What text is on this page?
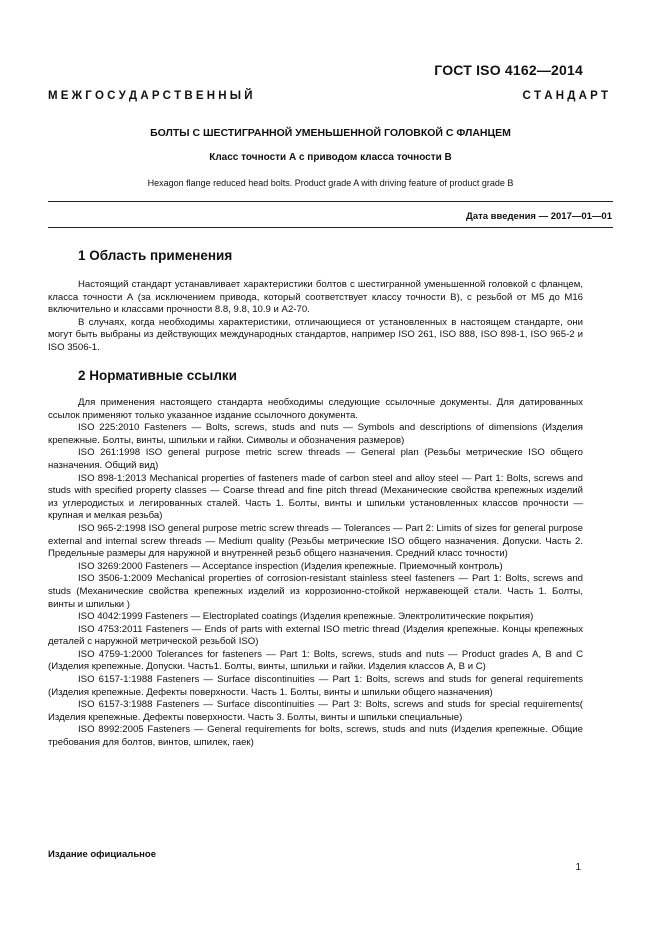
ГОСТ ISO 4162—2014
М Е Ж Г О С У Д А Р С Т В Е Н Н Ы Й	С Т А Н Д А Р Т
БОЛТЫ С ШЕСТИГРАННОЙ УМЕНЬШЕННОЙ ГОЛОВКОЙ С ФЛАНЦЕМ
Класс точности А с приводом класса точности В
Hexagon flange reduced head bolts. Product grade A with driving feature of product grade B
Дата введения — 2017—01—01
1 Область применения

Настоящий стандарт устанавливает характеристики болтов с шестигранной уменьшенной головкой с фланцем, класса точности А (за исключением привода, который соответствует классу точности В), с резьбой от М5 до М16 включительно и классами прочности 8.8, 9.8, 10.9 и А2-70.

В случаях, когда необходимы характеристики, отличающиеся от установленных в настоящем стандарте, они могут быть выбраны из действующих международных стандартов, например ISO 261, ISO 888, ISO 898-1, ISO 965-2 и ISO 3506-1.

2 Нормативные ссылки

Для применения настоящего стандарта необходимы следующие ссылочные документы. Для датированных ссылок применяют только указанное издание ссылочного документа.

ISO 225:2010 Fasteners — Bolts, screws, studs and nuts — Symbols and descriptions of dimensions (Изделия крепежные. Болты, винты, шпильки и гайки. Символы и обозначения размеров)

ISO 261:1998 ISO general purpose metric screw threads — General plan (Резьбы метрические ISO общего назначения. Общий вид)

ISO 898-1:2013 Mechanical properties of fasteners made of carbon steel and alloy steel — Part 1: Bolts, screws and studs with specified property classes — Coarse thread and fine pitch thread (Механические свойства крепежных изделий из углеродистых и легированных сталей. Часть 1. Болты, винты и шпильки установленных классов прочности — крупная и мелкая резьба)

ISO 965-2:1998 ISO general purpose metric screw threads — Tolerances — Part 2: Limits of sizes for general purpose external and internal screw threads — Medium quality (Резьбы метрические ISO общего назначения. Допуски. Часть 2. Предельные размеры для наружной и внутренней резьб общего назначения. Средний класс точности)

ISO 3269:2000 Fasteners — Acceptance inspection (Изделия крепежные. Приемочный контроль)

ISO 3506-1:2009 Mechanical properties of corrosion-resistant stainless steel fasteners — Part 1: Bolts, screws and studs (Механические свойства крепежных изделий из коррозионно-стойкой нержавеющей стали. Часть 1. Болты, винты и шпильки )

ISO 4042:1999 Fasteners — Electroplated coatings (Изделия крепежные. Электролитические покрытия)

ISO 4753:2011 Fasteners — Ends of parts with external ISO metric thread (Изделия крепежные. Концы крепежных деталей с наружной метрической резьбой ISO)

ISO 4759-1:2000 Tolerances for fasteners — Part 1: Bolts, screws, studs and nuts — Product grades A, B and C (Изделия крепежные. Допуски. Часть1. Болты, винты, шпильки и гайки. Изделия классов А, В и С)

ISO 6157-1:1988 Fasteners — Surface discontinuities — Part 1: Bolts, screws and studs for general requirements (Изделия крепежные. Дефекты поверхности. Часть 1. Болты, винты и шпильки общего назначения)

ISO 6157-3:1988 Fasteners — Surface discontinuities — Part 3: Bolts, screws and studs for special requirements( Изделия крепежные. Дефекты поверхности. Часть 3. Болты, винты и шпильки специальные)

ISO 8992:2005 Fasteners — General requirements for bolts, screws, studs and nuts (Изделия крепежные. Общие требования для болтов, винтов, шпилек, гаек)

Издание официальное
1
